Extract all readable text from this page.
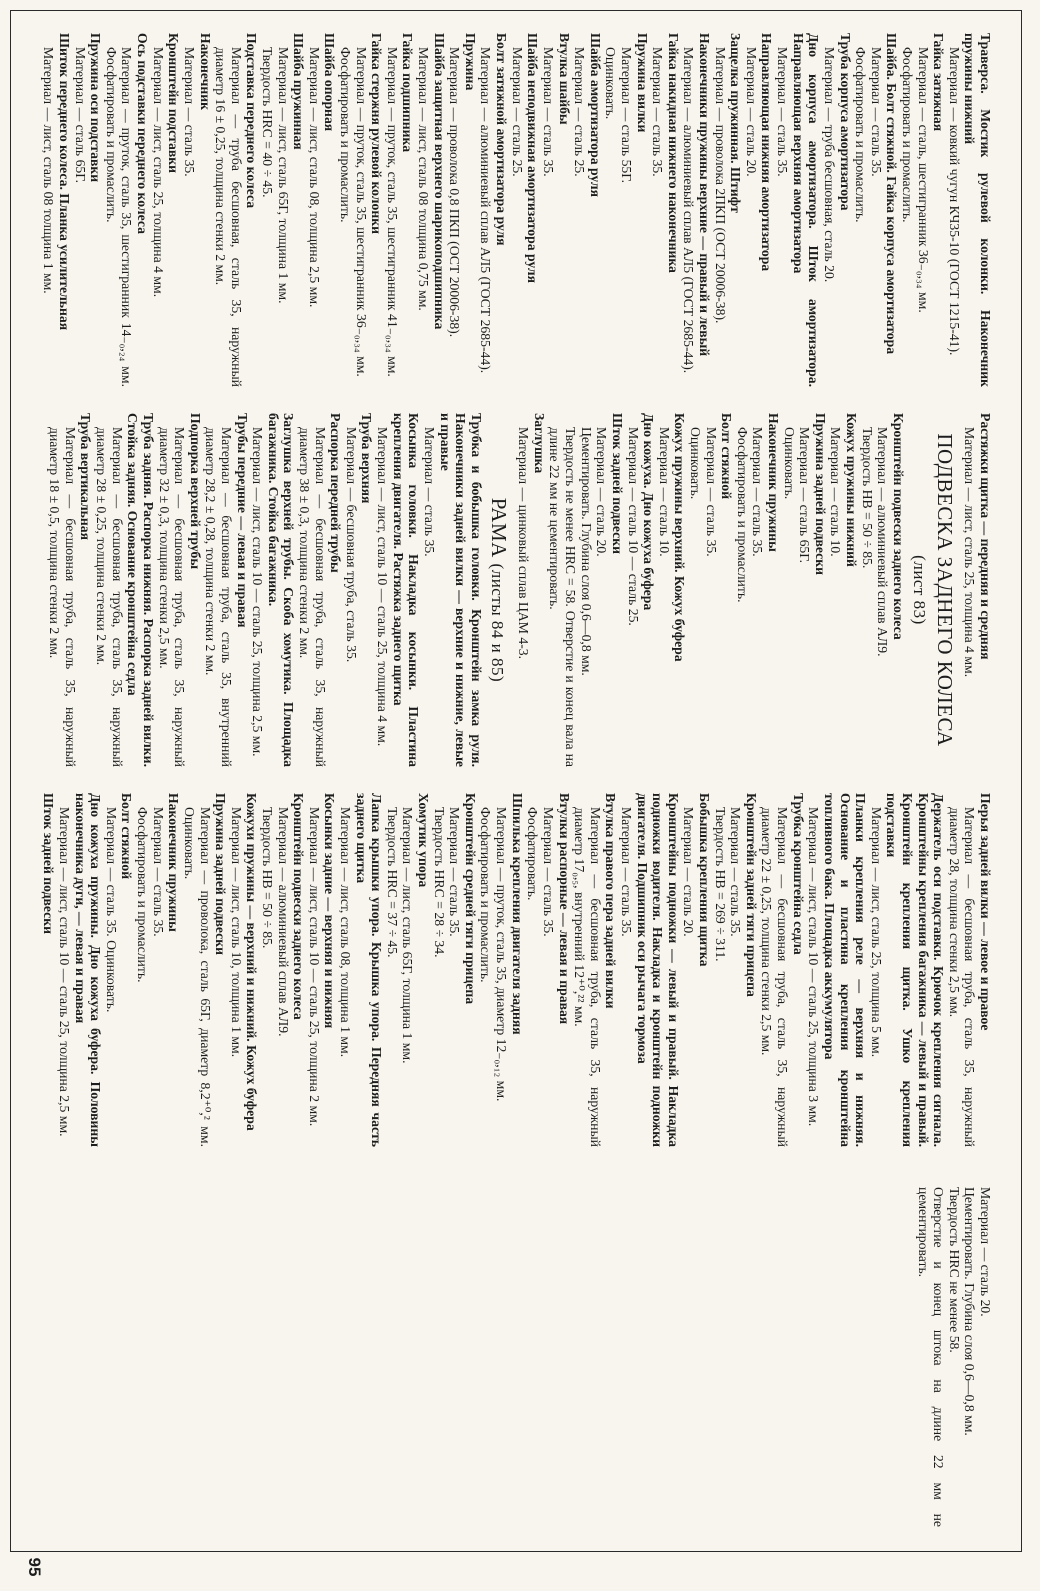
Траверса. Мостик рулевой колонки. Наконечник пружины нижний

Материал — ковкий чугун КЧ35-10 (ГОСТ 1215-41).

Гайка затяжная

Материал — сталь, шестигранник 36₋₀,₃₄ мм.

Фосфатировать и промаслить.

Шайба. Болт стяжной. Гайка корпуса амортизатора

Материал — сталь 35.

Фосфатировать и промаслить.

Труба корпуса амортизатора

Материал — труба бесшовная, сталь 20.

Дно корпуса амортизатора. Шток амортизатора. Направляющая верхняя амортизатора

Материал — сталь 35.

Направляющая нижняя амортизатора

Материал — сталь 20.

Защелка пружинная. Штифт

Материал — проволока 2ПКП (ОСТ 20006-38).

Наконечники пружины верхние — правый и левый

Материал — алюминиевый сплав АЛ5 (ГОСТ 2685-44).

Гайка накидная нижнего наконечника

Материал — сталь 35.

Пружина вилки

Материал — сталь 55Г.

Оцинковать.

Шайба амортизатора руля

Материал — сталь 25.

Втулка шайбы

Материал — сталь 35.

Шайба неподвижная амортизатора руля

Материал — сталь 25.

Болт затяжной амортизатора руля

Материал — алюминиевый сплав АЛ5 (ГОСТ 2685-44).

Пружина

Материал — проволока 0,8 ПКП (ОСТ 20006-38).

Шайба защитная верхнего шарикоподшипника

Материал — лист, сталь 08 толщина 0,75 мм.

Гайка подшипника

Материал — пруток, сталь 35, шестигранник 41₋₀,₃₄ мм.

Гайка стержня рулевой колонки

Материал — пруток, сталь 35, шестигранник 36₋₀,₃₄ мм.

Фосфатировать и промаслить.

Шайба опорная

Материал — лист, сталь 08, толщина 2,5 мм.

Шайба пружинная

Материал — лист, сталь 65Г, толщина 1 мм.

Твердость HRC = 40 ÷ 45.

Подставка переднего колеса

Материал — труба бесшовная, сталь 35, наружный диаметр 16 ± 0,25, толщина стенки 2 мм.

Наконечник

Материал — сталь 35.

Кронштейн подставки

Материал — лист, сталь 25, толщина 4 мм.

Ось подставки переднего колеса

Материал — пруток, сталь 35, шестигранник 14₋₀,₂₄ мм. Фосфатировать и промаслить.

Пружина оси подставки

Материал — сталь 65Г.

Шиток переднего колеса. Планка усилительная

Материал — лист, сталь 08 толщина 1 мм.

Растяжки щитка — передняя и средняя

Материал — лист, сталь 25, толщина 4 мм.

ПОДВЕСКА ЗАДНЕГО КОЛЕСА (лист 83)

Кронштейн подвески заднего колеса

Материал — алюминиевый сплав АЛ9.

Твердость HB = 50 ÷ 85.

Кожух пружины нижний

Материал — сталь 10.

Пружина задней подвески

Материал — сталь 65Г.

Оцинковать.

Наконечник пружины

Материал — сталь 35.

Фосфатировать и промаслить.

Болт стяжной

Материал — сталь 35.

Оцинковать.

Кожух пружины верхний. Кожух буфера

Материал — сталь 10.

Дно кожуха. Дно кожуха буфера

Материал — сталь 10 — сталь 25.

Шток задней подвески

Материал — сталь 20.

Цементировать. Глубина слоя 0,6—0,8 мм.

Твердость не менее HRC = 58. Отверстие и конец вала на длине 22 мм не цементировать.

Заглушка

Материал — цинковый сплав ЦАМ 4-3.

РАМА (листы 84 и 85)

Трубка и бобышка головки. Кронштейн замка руля. Наконечники задней вилки — верхние и нижние, левые и правые

Материал — сталь 35.

Косынка головки. Накладка косынки. Пластина крепления двигателя. Растяжка заднего щитка

Материал — лист, сталь 10 — сталь 25, толщина 4 мм.

Труба верхняя

Материал — бесшовная труба, сталь 35.

Распорка передней трубы

Материал — бесшовная труба, сталь 35, наружный диаметр 38 ± 0,3, толщина стенки 2 мм.

Заглушка верхней трубы. Скоба хомутика. Площадка багажника. Стойка багажника.

Материал — лист, сталь 10 — сталь 25, толщина 2,5 мм.

Трубы передние — левая и правая

Материал — бесшовная труба, сталь 35, внутренний диаметр 28,2 ± 0,28, толщина стенки 2 мм.

Подпорка верхней трубы

Материал — бесшовная труба, сталь 35, наружный диаметр 32 ± 0,3, толщина стенки 2,5 мм.

Труба задняя. Распорка нижняя. Распорка задней вилки. Стойка задняя. Основание кронштейна седла

Материал — бесшовная труба, сталь 35, наружный диаметр 28 ± 0,25, толщина стенки 2 мм.

Труба вертикальная

Материал — бесшовная труба, сталь 35, наружный диаметр 18 ± 0,5, толщина стенки 2 мм.

Перья задней вилки — левое и правое

Материал — бесшовная труба, сталь 35, наружный диаметр 28, толщина стенки 2,5 мм.

Держатель оси подставки. Крючок крепления сигнала. Кронштейны крепления багажника — левый и правый. Кронштейн крепления щитка. Ушко крепления подставки

Материал — лист, сталь 25, толщина 5 мм.

Планки крепления реле — верхняя и нижняя. Основание и пластина крепления кронштейна топливного бака. Площадка аккумулятора

Материал — лист, сталь 10 — сталь 25, толщина 3 мм.

Трубка кронштейна седла

Материал — бесшовная труба, сталь 35, наружный диаметр 22 ± 0,25, толщина стенки 2,5 мм.

Кронштейн задней тяги прицепа

Материал — сталь 35.

Твердость HB = 269 ÷ 311.

Бобышка крепления щитка

Материал — сталь 20.

Кронштейны подножки — левый и правый. Накладка подножки водителя. Накладка и кронштейн подножки двигателя. Подшипник оси рычага тормоза

Материал — сталь 35.

Втулка правого пера задней вилки

Материал — бесшовная труба, сталь 35, наружный диаметр 17₀,₅, внутренний 12⁺⁰,²² мм.

Втулки распорные — левая и правая

Материал — сталь 35.

Фосфатировать.

Шпилька крепления двигателя задняя

Материал — пруток, сталь 35, диаметр 12₋₀,₁₂ мм.

Фосфатировать и промаслить.

Кронштейн средней тяги прицепа

Материал — сталь 35.

Твердость HRC = 28 ÷ 34.

Хомутик упора

Материал — лист, сталь 65Г, толщина 1 мм.

Твердость HRC = 37 ÷ 45.

Лапка крышки упора. Крышка упора. Передняя часть заднего щитка

Материал — лист, сталь 08, толщина 1 мм.

Косынки задние — верхняя и нижняя

Материал — лист, сталь 10 — сталь 25, толщина 2 мм.

Кронштейн подвески заднего колеса

Материал — алюминиевый сплав АЛ9.

Твердость HB = 50 ÷ 85.

Кожухи пружины — верхний и нижний. Кожух буфера

Материал — лист, сталь 10, толщина 1 мм.

Пружина задней подвески

Материал — проволока, сталь 65Г, диаметр 8,2⁺⁰,² мм. Оцинковать.

Наконечник пружины

Материал — сталь 35.

Фосфатировать и промаслить.

Болт стяжной

Материал — сталь 35. Оцинковать.

Дно кожуха пружины. Дно кожуха буфера. Половины наконечника дуги, — левая и правая

Материал — лист, сталь 10 — сталь 25, толщина 2,5 мм.

Шток задней подвески

Материал — сталь 20.

Цементировать. Глубина слоя 0,6—0,8 мм.

Твердость HRC не менее 58.

Отверстие и конец штока на длине 22 мм не цементировать.

95
